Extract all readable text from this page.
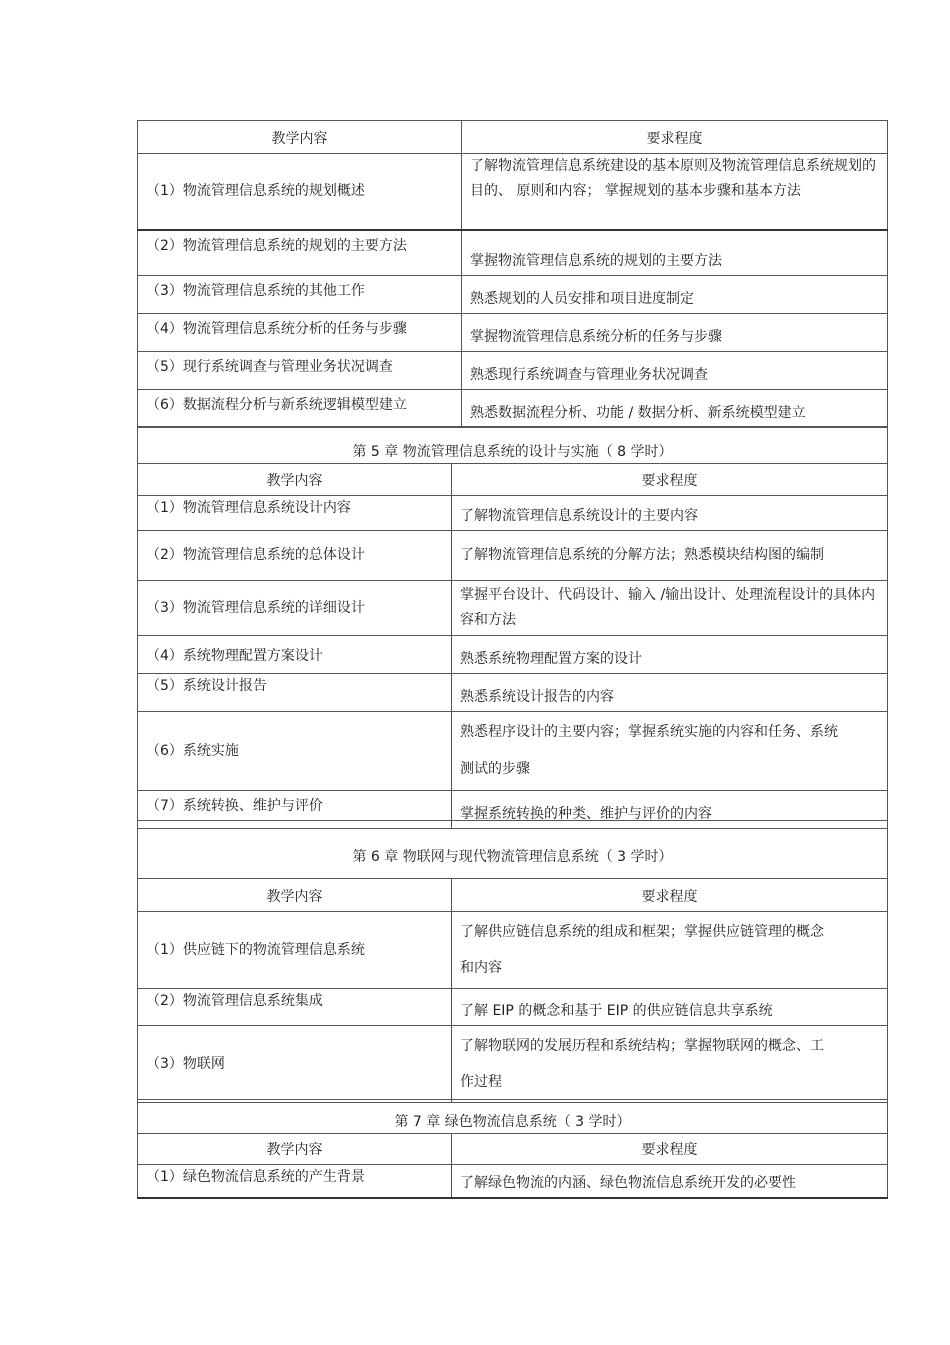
教学内容	要求程度
（1）物流管理信息系统的规划概述	了解物流管理信息系统建设的基本原则及物流管理信息系统规划的目的、 原则和内容； 掌握规划的基本步骤和基本方法
（2）物流管理信息系统的规划的主要方法	掌握物流管理信息系统的规划的主要方法
（3）物流管理信息系统的其他工作	熟悉规划的人员安排和项目进度制定
（4）物流管理信息系统分析的任务与步骤	掌握物流管理信息系统分析的任务与步骤
（5）现行系统调查与管理业务状况调查	熟悉现行系统调查与管理业务状况调查
（6）数据流程分析与新系统逻辑模型建立	熟悉数据流程分析、功能 / 数据分析、新系统模型建立
第 5 章 物流管理信息系统的设计与实施（ 8 学时）
教学内容	要求程度
（1）物流管理信息系统设计内容	了解物流管理信息系统设计的主要内容
（2）物流管理信息系统的总体设计	了解物流管理信息系统的分解方法；熟悉模块结构图的编制
（3）物流管理信息系统的详细设计	掌握平台设计、代码设计、输入 /输出设计、处理流程设计的具体内容和方法
（4）系统物理配置方案设计	熟悉系统物理配置方案的设计
（5）系统设计报告	熟悉系统设计报告的内容
（6）系统实施	熟悉程序设计的主要内容；掌握系统实施的内容和任务、系统测试的步骤
（7）系统转换、维护与评价	掌握系统转换的种类、维护与评价的内容
第 6 章 物联网与现代物流管理信息系统（ 3 学时）
教学内容	要求程度
（1）供应链下的物流管理信息系统	了解供应链信息系统的组成和框架；掌握供应链管理的概念和内容
（2）物流管理信息系统集成	了解 EIP 的概念和基于 EIP 的供应链信息共享系统
（3）物联网	了解物联网的发展历程和系统结构；掌握物联网的概念、工作过程
第 7 章 绿色物流信息系统（ 3 学时）
教学内容	要求程度
（1）绿色物流信息系统的产生背景	了解绿色物流的内涵、绿色物流信息系统开发的必要性
